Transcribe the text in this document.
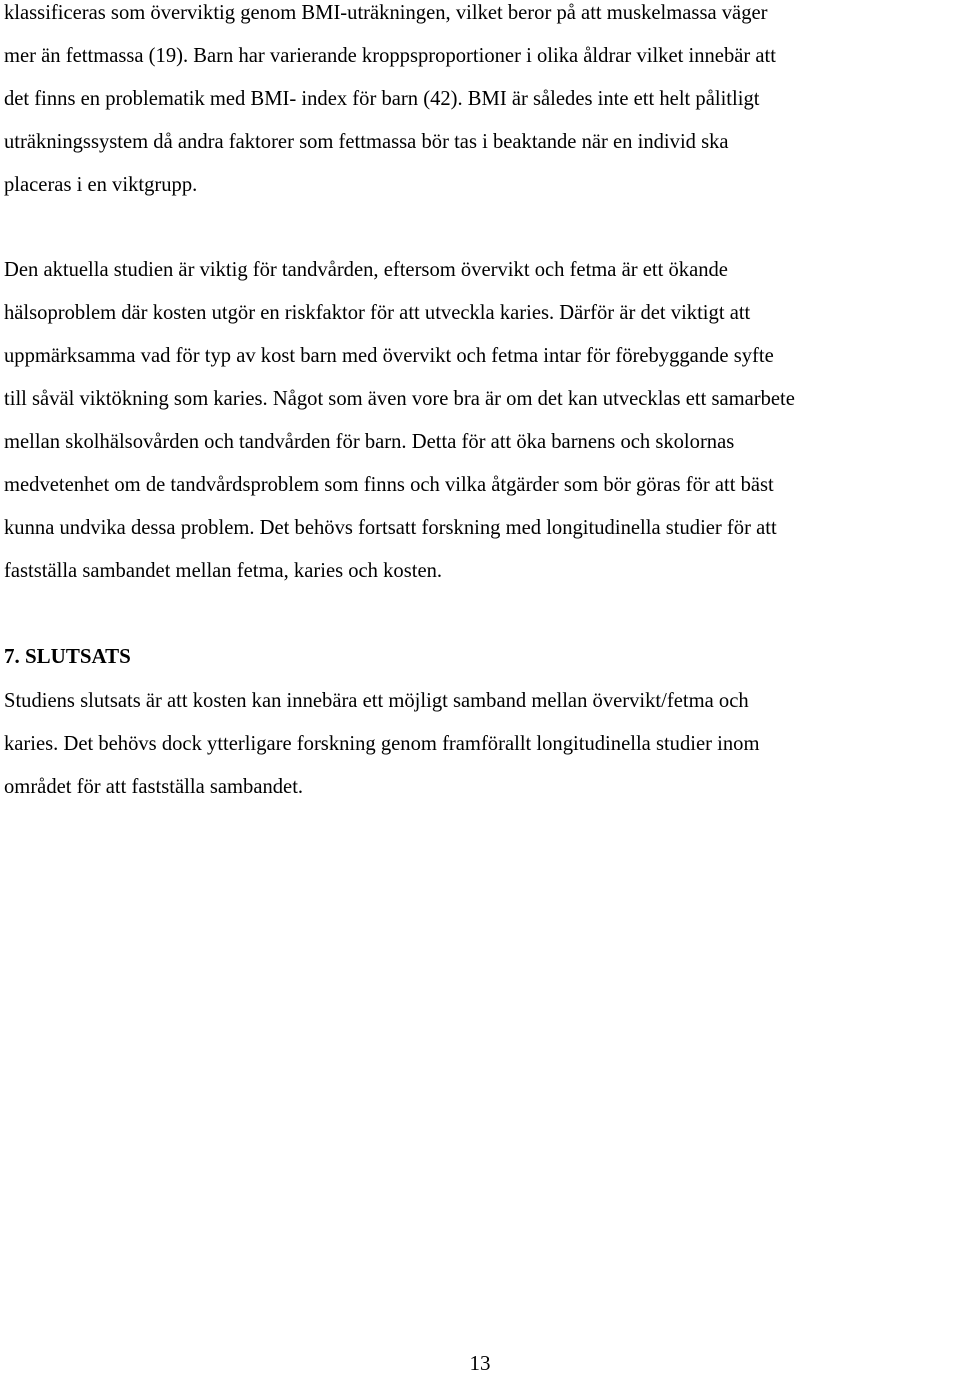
klassificeras som överviktig genom BMI-uträkningen, vilket beror på att muskelmassa väger
mer än fettmassa (19). Barn har varierande kroppsproportioner i olika åldrar vilket innebär att
det finns en problematik med BMI- index för barn (42). BMI är således inte ett helt pålitligt
uträkningssystem då andra faktorer som fettmassa bör tas i beaktande när en individ ska
placeras i en viktgrupp.

Den aktuella studien är viktig för tandvården, eftersom övervikt och fetma är ett ökande
hälsoproblem där kosten utgör en riskfaktor för att utveckla karies. Därför är det viktigt att
uppmärksamma vad för typ av kost barn med övervikt och fetma intar för förebyggande syfte
till såväl viktökning som karies. Något som även vore bra är om det kan utvecklas ett samarbete
mellan skolhälsovården och tandvården för barn. Detta för att öka barnens och skolornas
medvetenhet om de tandvårdsproblem som finns och vilka åtgärder som bör göras för att bäst
kunna undvika dessa problem. Det behövs fortsatt forskning med longitudinella studier för att
fastställa sambandet mellan fetma, karies och kosten.

7. SLUTSATS

Studiens slutsats är att kosten kan innebära ett möjligt samband mellan övervikt/fetma och
karies. Det behövs dock ytterligare forskning genom framförallt longitudinella studier inom
området för att fastställa sambandet.

13
